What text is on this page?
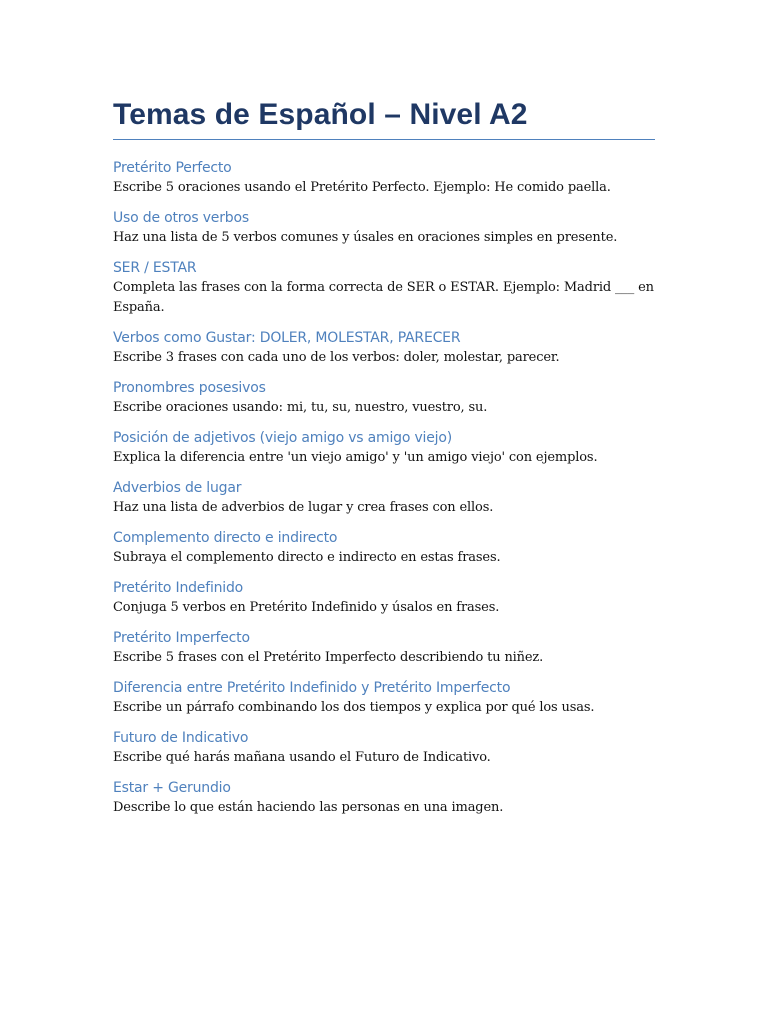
Temas de Español – Nivel A2
Pretérito Perfecto

Escribe 5 oraciones usando el Pretérito Perfecto. Ejemplo: He comido paella.

Uso de otros verbos

Haz una lista de 5 verbos comunes y úsales en oraciones simples en presente.

SER / ESTAR

Completa las frases con la forma correcta de SER o ESTAR. Ejemplo: Madrid ___ en España.

Verbos como Gustar: DOLER, MOLESTAR, PARECER

Escribe 3 frases con cada uno de los verbos: doler, molestar, parecer.

Pronombres posesivos

Escribe oraciones usando: mi, tu, su, nuestro, vuestro, su.

Posición de adjetivos (viejo amigo vs amigo viejo)

Explica la diferencia entre 'un viejo amigo' y 'un amigo viejo' con ejemplos.

Adverbios de lugar

Haz una lista de adverbios de lugar y crea frases con ellos.

Complemento directo e indirecto

Subraya el complemento directo e indirecto en estas frases.

Pretérito Indefinido

Conjuga 5 verbos en Pretérito Indefinido y úsalos en frases.

Pretérito Imperfecto

Escribe 5 frases con el Pretérito Imperfecto describiendo tu niñez.

Diferencia entre Pretérito Indefinido y Pretérito Imperfecto

Escribe un párrafo combinando los dos tiempos y explica por qué los usas.

Futuro de Indicativo

Escribe qué harás mañana usando el Futuro de Indicativo.

Estar + Gerundio

Describe lo que están haciendo las personas en una imagen.
